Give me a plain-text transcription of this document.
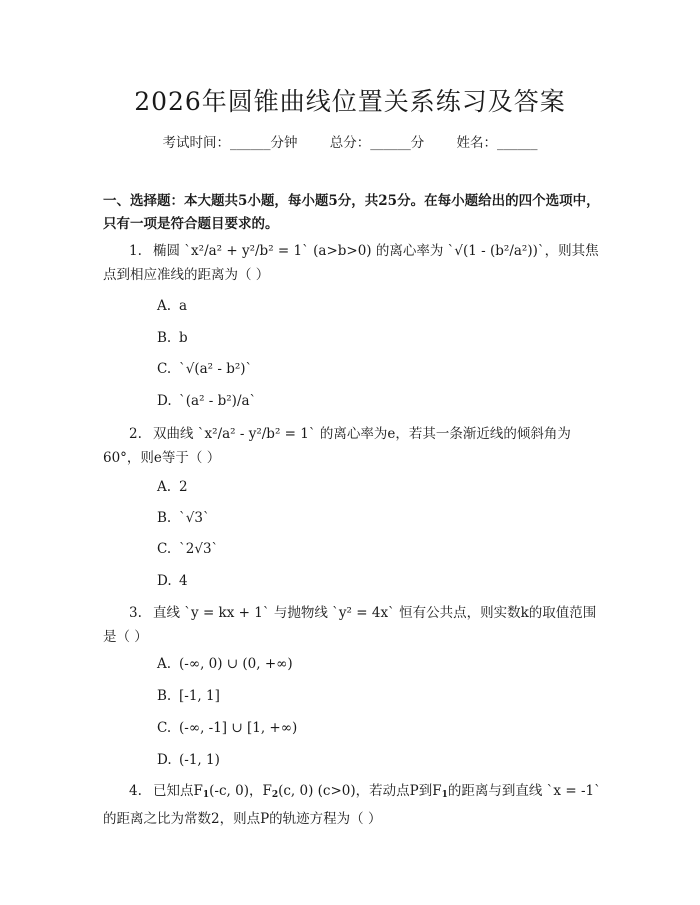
2026年圆锥曲线位置关系练习及答案
考试时间：______分钟 总分：______分 姓名：______
一、选择题：本大题共5小题，每小题5分，共25分。在每小题给出的四个选项中，只有一项是符合题目要求的。
1. 椭圆 `x²/a² + y²/b² = 1` (a>b>0) 的离心率为 `√(1 - (b²/a²))`，则其焦点到相应准线的距离为（ ）
A. a
B. b
C. `√(a² - b²)`
D. `(a² - b²)/a`
2. 双曲线 `x²/a² - y²/b² = 1` 的离心率为e，若其一条渐近线的倾斜角为60°，则e等于（ ）
A. 2
B. `√3`
C. `2√3`
D. 4
3. 直线 `y = kx + 1` 与抛物线 `y² = 4x` 恒有公共点，则实数k的取值范围是（ ）
A. (-∞, 0) ∪ (0, +∞)
B. [-1, 1]
C. (-∞, -1] ∪ [1, +∞)
D. (-1, 1)
4. 已知点$F_1(-c$, 0)，$F_2(c$, 0) (c>0)，若动点P到$F_1$的距离与到直线 `x = -1` 的距离之比为常数2，则点P的轨迹方程为（ ）
